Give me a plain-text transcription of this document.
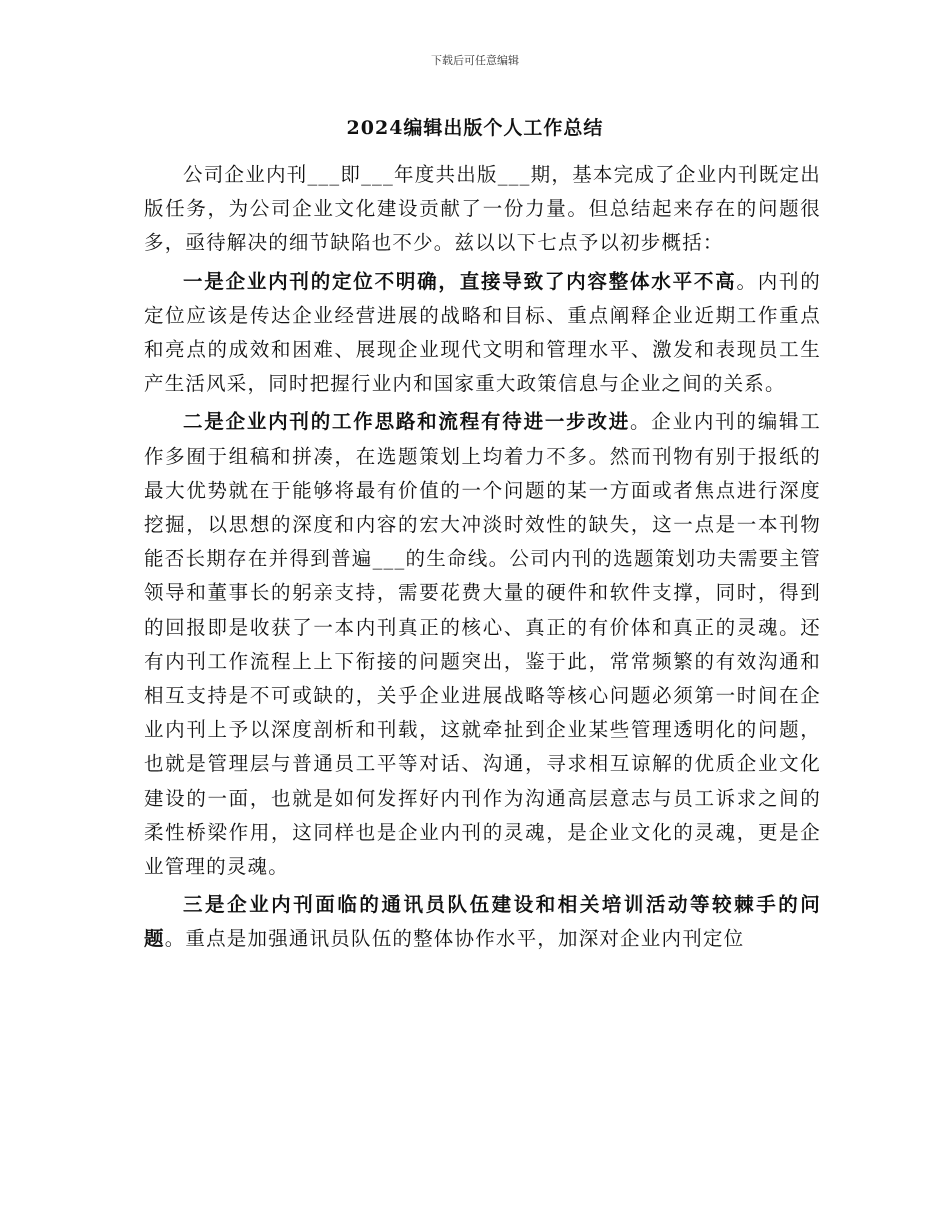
下载后可任意编辑
2024编辑出版个人工作总结

公司企业内刊___即___年度共出版___期，基本完成了企业内刊既定出版任务，为公司企业文化建设贡献了一份力量。但总结起来存在的问题很多，亟待解决的细节缺陷也不少。兹以以下七点予以初步概括：

一是企业内刊的定位不明确，直接导致了内容整体水平不高。内刊的定位应该是传达企业经营进展的战略和目标、重点阐释企业近期工作重点和亮点的成效和困难、展现企业现代文明和管理水平、激发和表现员工生产生活风采，同时把握行业内和国家重大政策信息与企业之间的关系。

二是企业内刊的工作思路和流程有待进一步改进。企业内刊的编辑工作多囿于组稿和拼凑，在选题策划上均着力不多。然而刊物有别于报纸的最大优势就在于能够将最有价值的一个问题的某一方面或者焦点进行深度挖掘，以思想的深度和内容的宏大冲淡时效性的缺失，这一点是一本刊物能否长期存在并得到普遍___的生命线。公司内刊的选题策划功夫需要主管领导和董事长的躬亲支持，需要花费大量的硬件和软件支撑，同时，得到的回报即是收获了一本内刊真正的核心、真正的有价体和真正的灵魂。还有内刊工作流程上上下衔接的问题突出，鉴于此，常常频繁的有效沟通和相互支持是不可或缺的，关乎企业进展战略等核心问题必须第一时间在企业内刊上予以深度剖析和刊载，这就牵扯到企业某些管理透明化的问题，也就是管理层与普通员工平等对话、沟通，寻求相互谅解的优质企业文化建设的一面，也就是如何发挥好内刊作为沟通高层意志与员工诉求之间的柔性桥梁作用，这同样也是企业内刊的灵魂，是企业文化的灵魂，更是企业管理的灵魂。

三是企业内刊面临的通讯员队伍建设和相关培训活动等较棘手的问题。重点是加强通讯员队伍的整体协作水平，加深对企业内刊定位
